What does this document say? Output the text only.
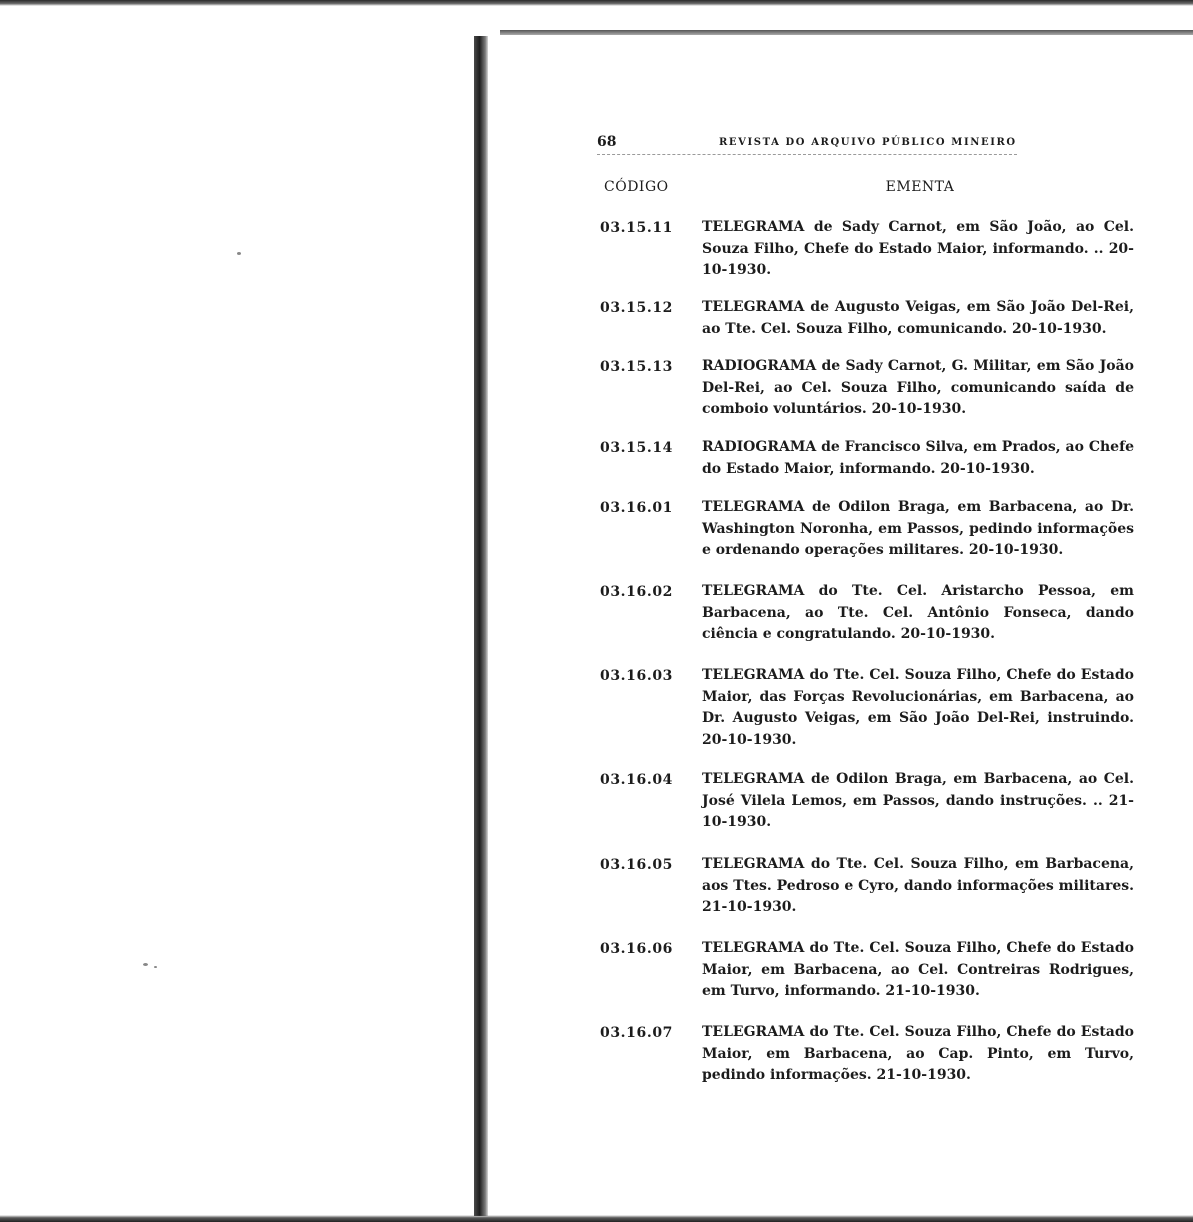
68	REVISTA DO ARQUIVO PÚBLICO MINEIRO
CÓDIGO	EMENTA
03.15.11	TELEGRAMA de Sady Carnot, em São João, ao Cel. Souza Filho, Chefe do Estado Maior, informando. .. 20-10-1930.
03.15.12	TELEGRAMA de Augusto Veigas, em São João Del-Rei, ao Tte. Cel. Souza Filho, comunicando. 20-10-1930.
03.15.13	RADIOGRAMA de Sady Carnot, G. Militar, em São João Del-Rei, ao Cel. Souza Filho, comunicando saída de comboio voluntários. 20-10-1930.
03.15.14	RADIOGRAMA de Francisco Silva, em Prados, ao Chefe do Estado Maior, informando. 20-10-1930.
03.16.01	TELEGRAMA de Odilon Braga, em Barbacena, ao Dr. Washington Noronha, em Passos, pedindo informações e ordenando operações militares. 20-10-1930.
03.16.02	TELEGRAMA do Tte. Cel. Aristarcho Pessoa, em Barbacena, ao Tte. Cel. Antônio Fonseca, dando ciência e congratulando. 20-10-1930.
03.16.03	TELEGRAMA do Tte. Cel. Souza Filho, Chefe do Estado Maior, das Forças Revolucionárias, em Barbacena, ao Dr. Augusto Veigas, em São João Del-Rei, instruindo. 20-10-1930.
03.16.04	TELEGRAMA de Odilon Braga, em Barbacena, ao Cel. José Vilela Lemos, em Passos, dando instruções. .. 21-10-1930.
03.16.05	TELEGRAMA do Tte. Cel. Souza Filho, em Barbacena, aos Ttes. Pedroso e Cyro, dando informações militares. 21-10-1930.
03.16.06	TELEGRAMA do Tte. Cel. Souza Filho, Chefe do Estado Maior, em Barbacena, ao Cel. Contreiras Rodrigues, em Turvo, informando. 21-10-1930.
03.16.07	TELEGRAMA do Tte. Cel. Souza Filho, Chefe do Estado Maior, em Barbacena, ao Cap. Pinto, em Turvo, pedindo informações. 21-10-1930.
